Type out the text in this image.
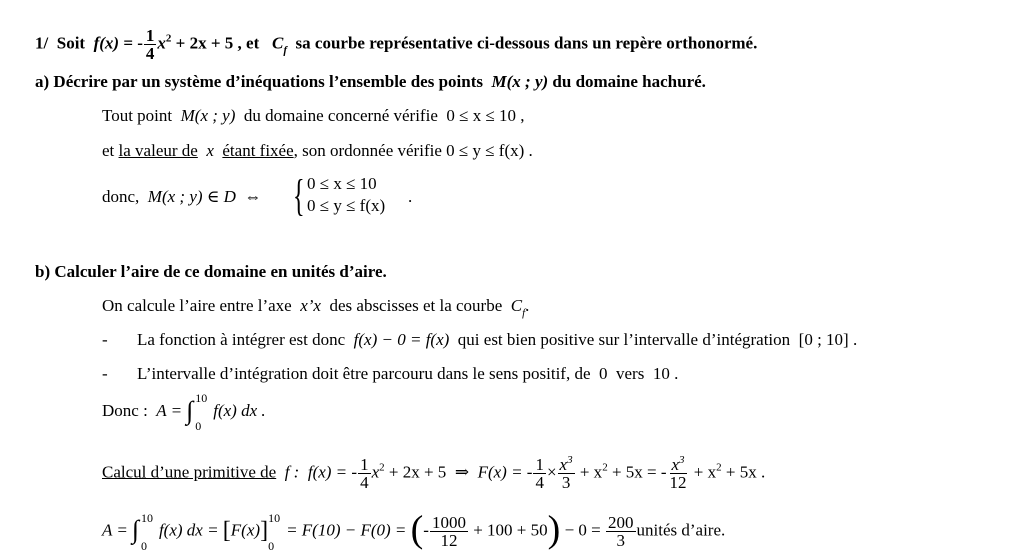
1/ Soit f(x) = - $\frac{1}{4} x^2 + 2x + 5$ , et $C_f$ sa courbe représentative ci-dessous dans un repère orthonormé.
a) Décrire par un système d’inéquations l’ensemble des points M(x ; y) du domaine hachuré.
Tout point M(x ; y) du domaine concerné vérifie 0 ≤ x ≤ 10 ,
et la valeur de x étant fixée, son ordonnée vérifie 0 ≤ y ≤ f(x) .
donc, M(x ; y) ∈ D ⇔ { 0 ≤ x ≤ 10
0 ≤ y ≤ f(x) .
b) Calculer l’aire de ce domaine en unités d’aire.
On calcule l’aire entre l’axe x’x des abscisses et la courbe $C_f$.
- La fonction à intégrer est donc f(x) − 0 = f(x) qui est bien positive sur l’intervalle d’intégration [0 ; 10] .
- L’intervalle d’intégration doit être parcouru dans le sens positif, de 0 vers 10 .
Donc : A = ∫ 10
0
f(x) dx .
Calcul d’une primitive de f : f(x) = - $\frac{1}{4} x^2 + 2x + 5$ ⇒ F(x) = - $\frac{1}{4} \times \frac{x^3}{3} + x^2 + 5x$ = - $\frac{x^3}{12} + x^2 + 5x$ .
A = ∫ 10
0
f(x) dx = [F(x)] 10
0
= F(10) − F(0) = (- $\frac{1000}{12} + 100 + 50) - 0 = \frac{200}{3}$ unités d’aire.
